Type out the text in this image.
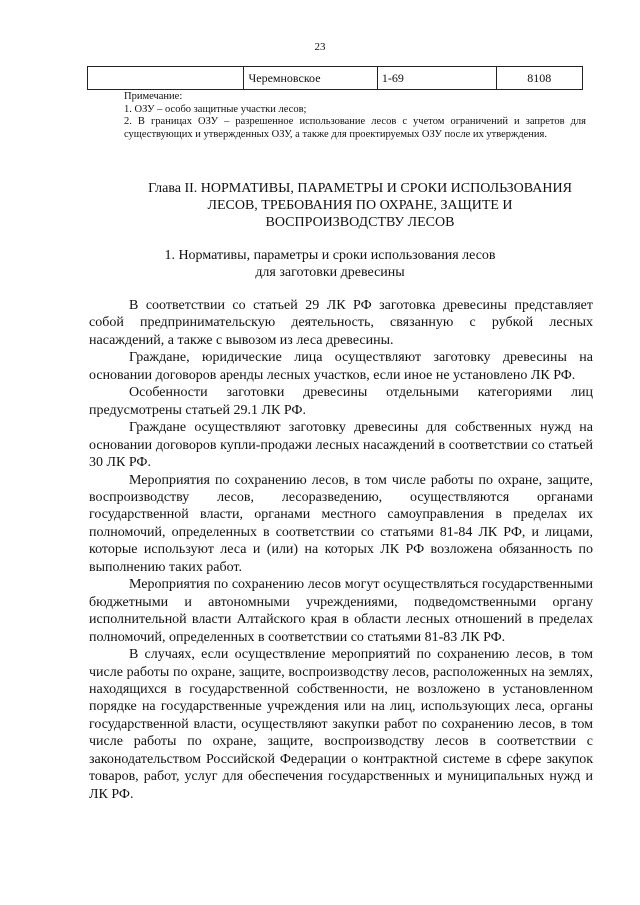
23
	Черемновское	1-69	8108
Примечание:
1. ОЗУ – особо защитные участки лесов;
2. В границах ОЗУ – разрешенное использование лесов с учетом ограничений и запретов для существующих и утвержденных ОЗУ, а также для проектируемых ОЗУ после их утверждения.
Глава II. НОРМАТИВЫ, ПАРАМЕТРЫ И СРОКИ ИСПОЛЬЗОВАНИЯ
ЛЕСОВ, ТРЕБОВАНИЯ ПО ОХРАНЕ, ЗАЩИТЕ И
ВОСПРОИЗВОДСТВУ ЛЕСОВ
1. Нормативы, параметры и сроки использования лесов
для заготовки древесины

В соответствии со статьей 29 ЛК РФ заготовка древесины представляет собой предпринимательскую деятельность, связанную с рубкой лесных насаждений, а также с вывозом из леса древесины.

Граждане, юридические лица осуществляют заготовку древесины на основании договоров аренды лесных участков, если иное не установлено ЛК РФ.

Особенности заготовки древесины отдельными категориями лиц предусмотрены статьей 29.1 ЛК РФ.

Граждане осуществляют заготовку древесины для собственных нужд на основании договоров купли-продажи лесных насаждений в соответствии со статьей 30 ЛК РФ.

Мероприятия по сохранению лесов, в том числе работы по охране, защите, воспроизводству лесов, лесоразведению, осуществляются органами государственной власти, органами местного самоуправления в пределах их полномочий, определенных в соответствии со статьями 81-84 ЛК РФ, и лицами, которые используют леса и (или) на которых ЛК РФ возложена обязанность по выполнению таких работ.

Мероприятия по сохранению лесов могут осуществляться государственными бюджетными и автономными учреждениями, подведомственными органу исполнительной власти Алтайского края в области лесных отношений в пределах полномочий, определенных в соответствии со статьями 81-83 ЛК РФ.

В случаях, если осуществление мероприятий по сохранению лесов, в том числе работы по охране, защите, воспроизводству лесов, расположенных на землях, находящихся в государственной собственности, не возложено в установленном порядке на государственные учреждения или на лиц, использующих леса, органы государственной власти, осуществляют закупки работ по сохранению лесов, в том числе работы по охране, защите, воспроизводству лесов в соответствии с законодательством Российской Федерации о контрактной системе в сфере закупок товаров, работ, услуг для обеспечения государственных и муниципальных нужд и ЛК РФ.
